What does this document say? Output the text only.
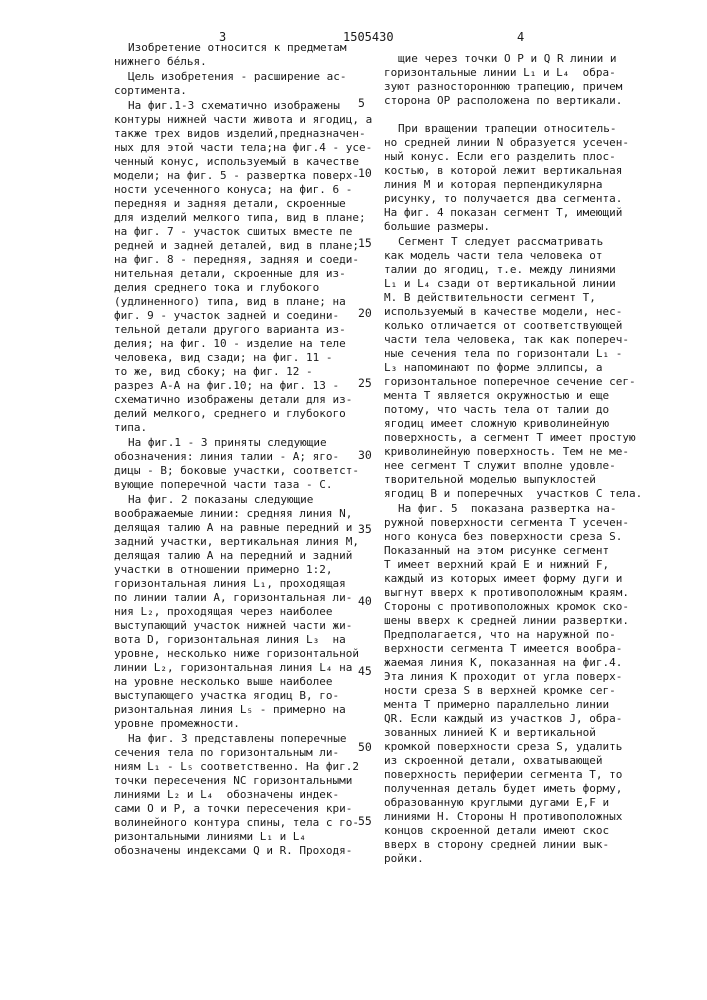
3	1505430	4
Изобретение относится к предметам
нижнего бéлья.
Цель изобретения - расширение ас-
сортимента.
На фиг.1-3 схематично изображены
контуры нижней части живота и ягодиц, а
также трех видов изделий,предназначен-
ных для этой части тела;на фиг.4 - усе-
ченный конус, используемый в качестве
модели; на фиг. 5 - развертка поверх-
ности усеченного конуса; на фиг. 6 -
передняя и задняя детали, скроенные
для изделий мелкого типа, вид в плане;
на фиг. 7 - участок сшитых вместе пе
редней и задней деталей, вид в плане;
на фиг. 8 - передняя, задняя и соеди-
нительная детали, скроенные для из-
делия среднего тока и глубокого
(удлиненного) типа, вид в плане; на
фиг. 9 - участок задней и соедини-
тельной детали другого варианта из-
делия; на фиг. 10 - изделие на теле
человека, вид сзади; на фиг. 11 -
то же, вид сбоку; на фиг. 12 -
разрез А-А на фиг.10; на фиг. 13 -
схематично изображены детали для из-
делий мелкого, среднего и глубокого
типа.
На фиг.1 - 3 приняты следующие
обозначения: линия талии - А; яго-
дицы - В; боковые участки, соответст-
вующие поперечной части таза - С.
На фиг. 2 показаны следующие
воображаемые линии: средняя линия N,
делящая талию А на равные передний и
задний участки, вертикальная линия М,
делящая талию А на передний и задний
участки в отношении примерно 1:2,
горизонтальная линия L₁, проходящая
по линии талии А, горизонтальная ли-
ния L₂, проходящая через наиболее
выступающий участок нижней части жи-
вота D, горизонтальная линия L₃  на
уровне, несколько ниже горизонтальной
линии L₂, горизонтальная линия L₄ на
на уровне несколько выше наиболее
выступающего участка ягодиц В, го-
ризонтальная линия L₅ - примерно на
уровне промежности.
На фиг. 3 представлены поперечные
сечения тела по горизонтальным ли-
ниям L₁ - L₅ соответственно. На фиг.2
точки пересечения NC горизонтальными
линиями L₂ и L₄  обозначены индек-
сами O и P, а точки пересечения кри-
волинейного контура спины, тела с го-
ризонтальными линиями L₁ и L₄
обозначены индексами Q и R. Проходя-
щие через точки O P и Q R линии и
горизонтальные линии L₁ и L₄  обра-
зуют разностороннюю трапецию, причем
сторона OP расположена по вертикали.
При вращении трапеции относитель-
но средней линии N образуется усечен-
ный конус. Если его разделить плос-
костью, в которой лежит вертикальная
линия М и которая перпендикулярна
рисунку, то получается два сегмента.
На фиг. 4 показан сегмент Т, имеющий
большие размеры.
Сегмент Т следует рассматривать
как модель части тела человека от
талии до ягодиц, т.е. между линиями
L₁ и L₄ сзади от вертикальной линии
М. В действительности сегмент Т,
используемый в качестве модели, нес-
колько отличается от соответствующей
части тела человека, так как попереч-
ные сечения тела по горизонтали L₁ -
L₃ напоминают по форме эллипсы, а
горизонтальное поперечное сечение сег-
мента Т является окружностью и еще
потому, что часть тела от талии до
ягодиц имеет сложную криволинейную
поверхность, а сегмент Т имеет простую
криволинейную поверхность. Тем не ме-
нее сегмент Т служит вполне удовле-
творительной моделью выпуклостей
ягодиц В и поперечных  участков С тела.
На фиг. 5  показана развертка на-
ружной поверхности сегмента Т усечен-
ного конуса без поверхности среза S.
Показанный на этом рисунке сегмент
Т имеет верхний край Е и нижний F,
каждый из которых имеет форму дуги и
выгнут вверх к противоположным краям.
Стороны с противоположных кромок ско-
шены вверх к средней линии развертки.
Предполагается, что на наружной по-
верхности сегмента Т имеется вообра-
жаемая линия К, показанная на фиг.4.
Эта линия К проходит от угла поверх-
ности среза S в верхней кромке сег-
мента Т примерно параллельно линии
QR. Если каждый из участков J, обра-
зованных линией К и вертикальной
кромкой поверхности среза S, удалить
из скроенной детали, охватывающей
поверхность периферии сегмента Т, то
полученная деталь будет иметь форму,
образованную круглыми дугами E,F и
линиями H. Стороны H противоположных
концов скроенной детали имеют скос
вверх в сторону средней линии вык-
ройки.
5
10
15
20
25
30
35
40
45
50
55
